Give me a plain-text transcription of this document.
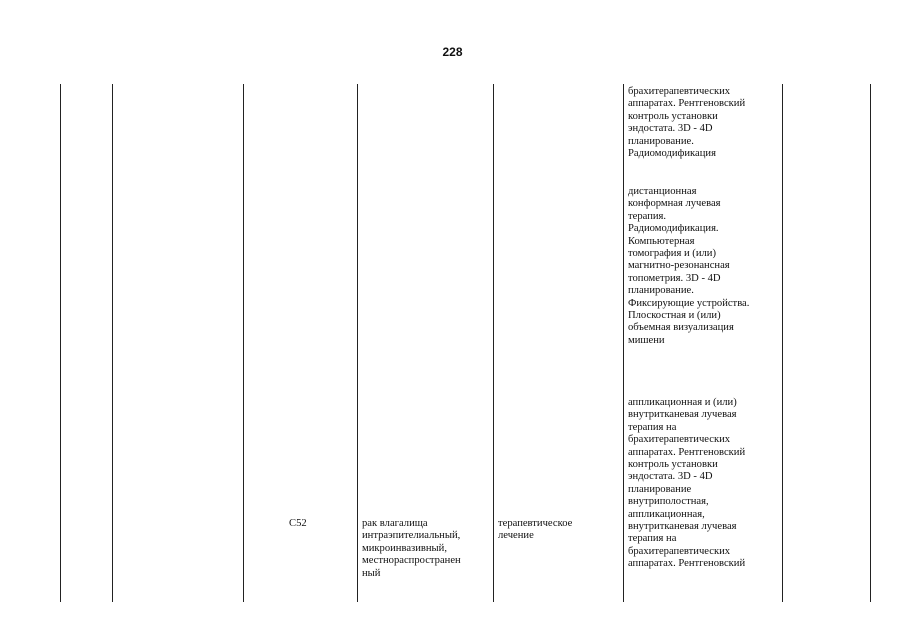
228
C52	рак влагалища
интраэпителиальный,
микроинвазивный,
местнораспространен
ный
терапевтическое
лечение
брахитерапевтических
аппаратах. Рентгеновский
контроль установки
эндостата. 3D - 4D
планирование.
Радиомодификация
дистанционная
конформная лучевая
терапия.
Радиомодификация.
Компьютерная
томография и (или)
магнитно-резонансная
топометрия. 3D - 4D
планирование.
Фиксирующие устройства.
Плоскостная и (или)
объемная визуализация
мишени
аппликационная и (или)
внутритканевая лучевая
терапия на
брахитерапевтических
аппаратах. Рентгеновский
контроль установки
эндостата. 3D - 4D
планирование
внутриполостная,
аппликационная,
внутритканевая лучевая
терапия на
брахитерапевтических
аппаратах. Рентгеновский
